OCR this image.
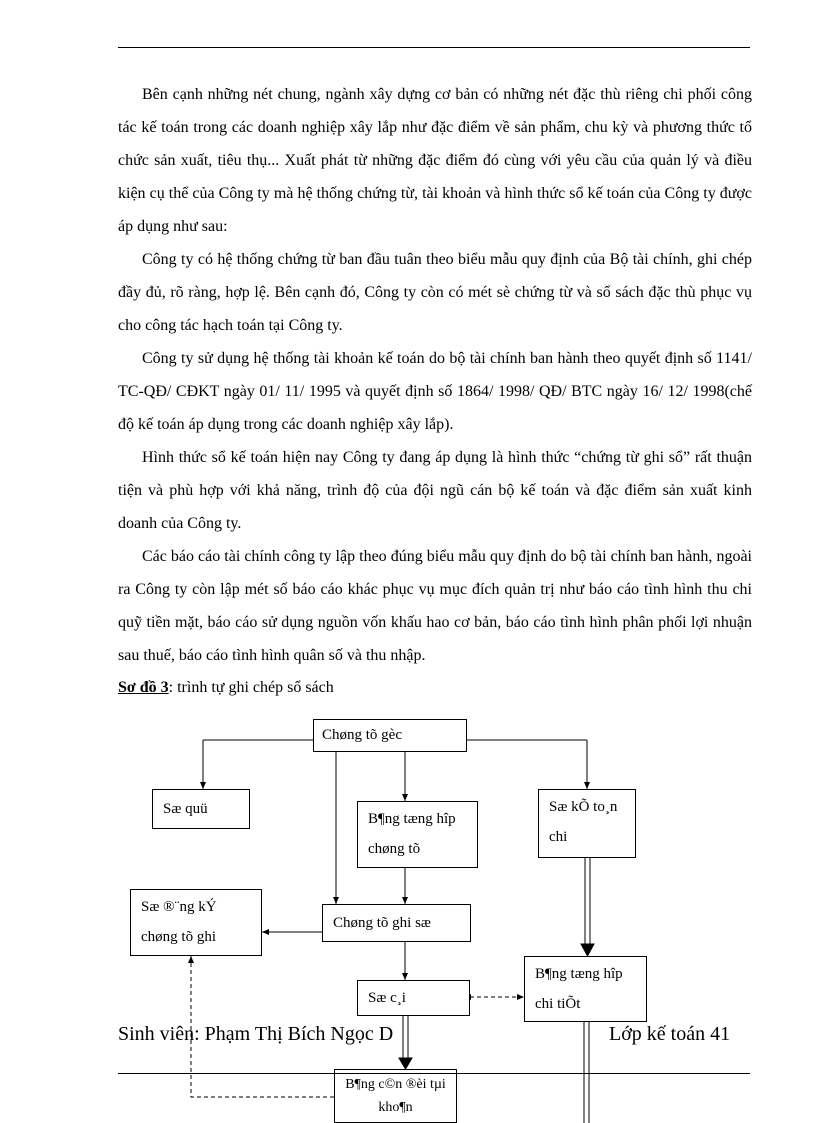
Bên cạnh những nét chung, ngành xây dựng cơ bản có những nét đặc thù riêng chi phối công tác kế toán trong các doanh nghiệp xây lắp như đặc điểm về sản phẩm, chu kỳ và phương thức tổ chức sản xuất, tiêu thụ... Xuất phát từ những đặc điểm đó cùng với yêu cầu của quản lý và điều kiện cụ thể của Công ty mà hệ thống chứng từ, tài khoản và hình thức sổ kế toán của Công ty được áp dụng như sau:

Công ty có hệ thống chứng từ ban đầu tuân theo biểu mẫu quy định của Bộ tài chính, ghi chép đầy đủ, rõ ràng, hợp lệ. Bên cạnh đó, Công ty còn có mét sè chứng từ và sổ sách đặc thù phục vụ cho công tác hạch toán tại Công ty.

Công ty sử dụng hệ thống tài khoản kế toán do bộ tài chính ban hành theo quyết định số 1141/ TC-QĐ/ CĐKT ngày 01/ 11/ 1995 và quyết định số 1864/ 1998/ QĐ/ BTC ngày 16/ 12/ 1998(chế độ kế toán áp dụng trong các doanh nghiệp xây lắp).

Hình thức sổ kế toán hiện nay Công ty đang áp dụng là hình thức “chứng từ ghi sổ” rất thuận tiện và phù hợp với khả năng, trình độ của đội ngũ cán bộ kế toán và đặc điểm sản xuất kinh doanh của Công ty.

Các báo cáo tài chính công ty lập theo đúng biểu mẫu quy định do bộ tài chính ban hành, ngoài ra Công ty còn lập mét số báo cáo khác phục vụ mục đích quản trị như báo cáo tình hình thu chi quỹ tiền mặt, báo cáo sử dụng nguồn vốn khấu hao cơ bản, báo cáo tình hình phân phối lợi nhuận sau thuế, báo cáo tình hình quân số và thu nhập.

Sơ đồ 3: trình tự ghi chép sổ sách
Chøng tõ gèc
Sæ quü
B¶ng tæng hîp chøng tõ
Sæ kÕ to¸n chi
Sæ ®¨ng kÝ chøng tõ ghi
Chøng tõ ghi sæ
Sæ c¸i
B¶ng tæng hîp chi tiÕt
B¶ng c©n ®èi tµi kho¶n
Sinh viên: Phạm Thị Bích Ngọc D	Lớp kế toán 41
